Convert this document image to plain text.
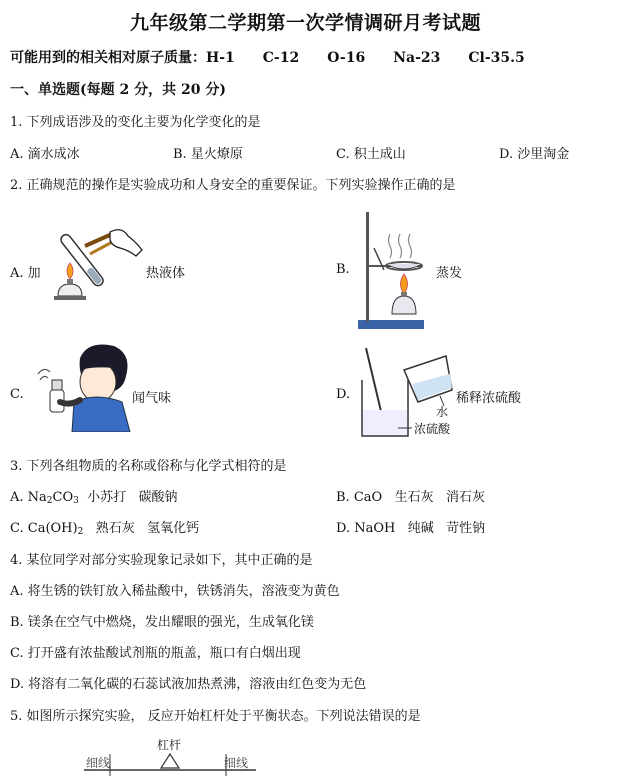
九年级第二学期第一次学情调研月考试题
可能用到的相关相对原子质量：H-1 C-12 O-16 Na-23 Cl-35.5
一、单选题(每题 2 分，共 20 分)
1. 下列成语涉及的变化主要为化学变化的是
A. 滴水成冰	B. 星火燎原	C. 积土成山	D. 沙里淘金
2. 正确规范的操作是实验成功和人身安全的重要保证。下列实验操作正确的是
A. 加	热液体	B.	蒸发
C.	闻气味	D.
水
浓硫酸
稀释浓硫酸
3. 下列各组物质的名称或俗称与化学式相符的是
A. $Na_2CO_3$  小苏打   碳酸钠	B. CaO   生石灰   消石灰
C. $Ca(OH)_2$   熟石灰   氢氧化钙	D. NaOH   纯碱   苛性钠
4. 某位同学对部分实验现象记录如下，其中正确的是
A. 将生锈的铁钉放入稀盐酸中，铁锈消失，溶液变为黄色
B. 镁条在空气中燃烧，发出耀眼的强光，生成氧化镁
C. 打开盛有浓盐酸试剂瓶的瓶盖，瓶口有白烟出现
D. 将溶有二氧化碳的石蕊试液加热煮沸，溶液由红色变为无色
5. 如图所示探究实验， 反应开始杠杆处于平衡状态。下列说法错误的是
杠杆
细线	细线
